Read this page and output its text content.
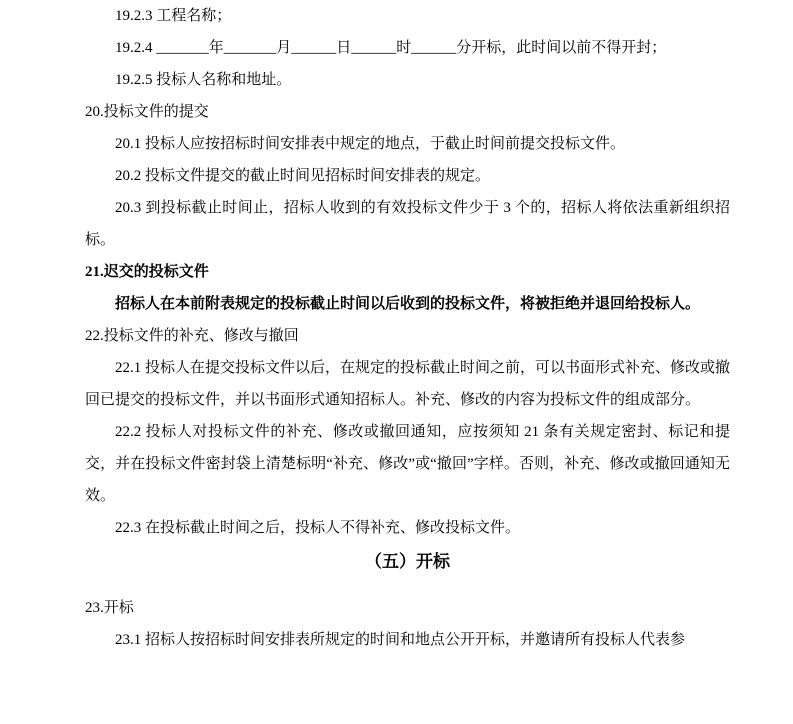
19.2.3 工程名称；

19.2.4 _______年_______月______日______时______分开标，此时间以前不得开封；

19.2.5 投标人名称和地址。

20.投标文件的提交

20.1 投标人应按招标时间安排表中规定的地点，于截止时间前提交投标文件。

20.2 投标文件提交的截止时间见招标时间安排表的规定。

20.3 到投标截止时间止，招标人收到的有效投标文件少于 3 个的，招标人将依法重新组织招标。

21.迟交的投标文件

招标人在本前附表规定的投标截止时间以后收到的投标文件，将被拒绝并退回给投标人。

22.投标文件的补充、修改与撤回

22.1 投标人在提交投标文件以后，在规定的投标截止时间之前，可以书面形式补充、修改或撤回已提交的投标文件，并以书面形式通知招标人。补充、修改的内容为投标文件的组成部分。

22.2 投标人对投标文件的补充、修改或撤回通知，应按须知 21 条有关规定密封、标记和提交，并在投标文件密封袋上清楚标明“补充、修改”或“撤回”字样。否则，补充、修改或撤回通知无效。

22.3 在投标截止时间之后，投标人不得补充、修改投标文件。

（五）开标

23.开标

23.1 招标人按招标时间安排表所规定的时间和地点公开开标，并邀请所有投标人代表参
